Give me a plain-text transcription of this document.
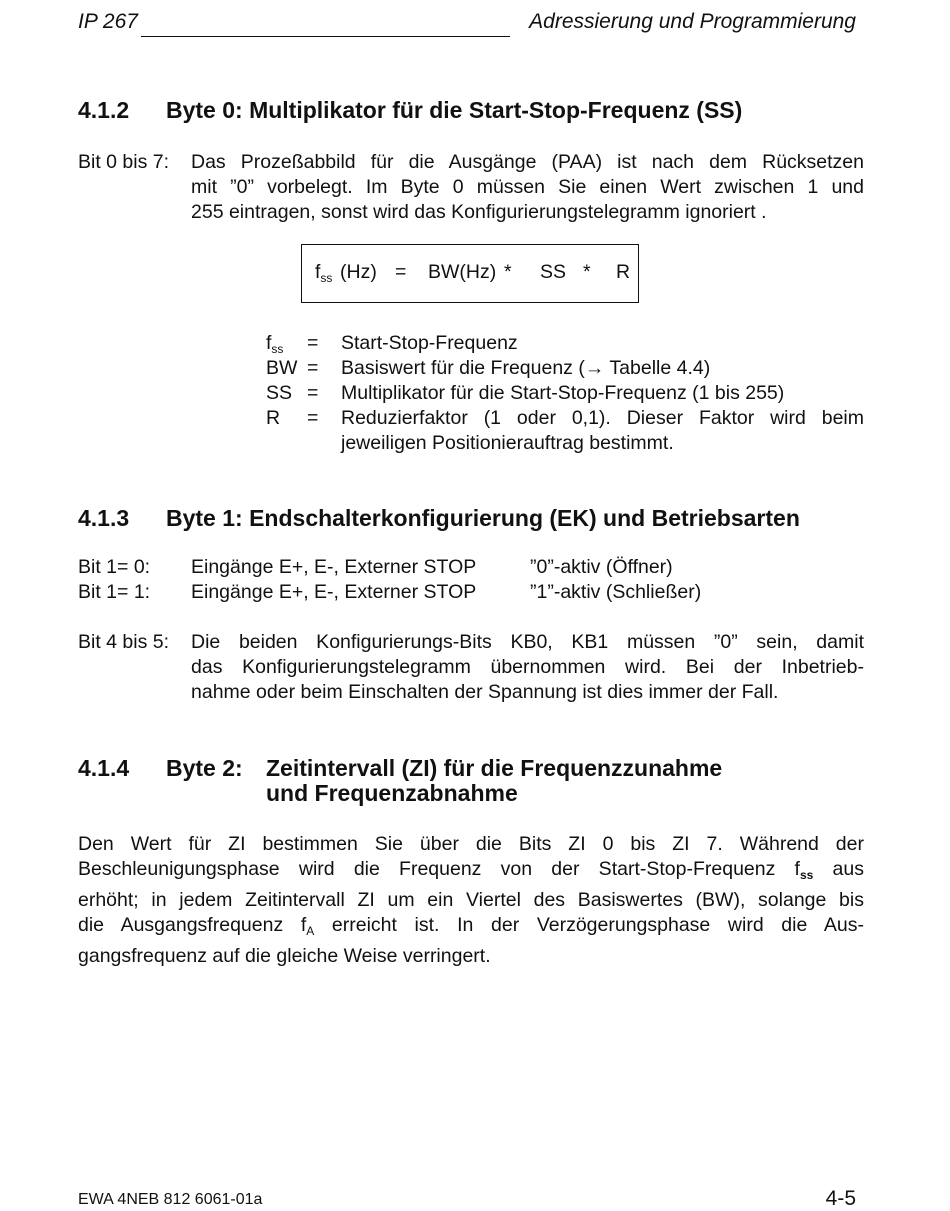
IP 267	Adressierung und Programmierung
4.1.2 Byte 0: Multiplikator für die Start-Stop-Frequenz (SS)
Bit 0 bis 7: Das Prozeßabbild für die Ausgänge (PAA) ist nach dem Rücksetzen
mit ”0” vorbelegt. Im Byte 0 müssen Sie einen Wert zwischen 1 und
255 eintragen, sonst wird das Konfigurierungstelegramm ignoriert .
$f_{ss}$ (Hz) = BW(Hz) * SS * R
$f_{ss}$ = Start-Stop-Frequenz
BW = Basiswert für die Frequenz (→ Tabelle 4.4)
SS = Multiplikator für die Start-Stop-Frequenz (1 bis 255)
R = Reduzierfaktor (1 oder 0,1). Dieser Faktor wird beim
jeweiligen Positionierauftrag bestimmt.
4.1.3 Byte 1: Endschalterkonfigurierung (EK) und Betriebsarten
Bit 1= 0: Eingänge E+, E-, Externer STOP	”0”-aktiv (Öffner)
Bit 1= 1: Eingänge E+, E-, Externer STOP	”1”-aktiv (Schließer)
Bit 4 bis 5: Die beiden Konfigurierungs-Bits KB0, KB1 müssen ”0” sein, damit
das Konfigurierungstelegramm übernommen wird. Bei der Inbetrieb-
nahme oder beim Einschalten der Spannung ist dies immer der Fall.
4.1.4 Byte 2: Zeitintervall (ZI) für die Frequenzzunahme
und Frequenzabnahme
Den Wert für ZI bestimmen Sie über die Bits ZI 0 bis ZI 7. Während der
Beschleunigungsphase wird die Frequenz von der Start-Stop-Frequenz $f_{ss}$ aus
erhöht; in jedem Zeitintervall ZI um ein Viertel des Basiswertes (BW), solange bis
die Ausgangsfrequenz $f_A$ erreicht ist. In der Verzögerungsphase wird die Aus-
gangsfrequenz auf die gleiche Weise verringert.
EWA 4NEB 812 6061-01a	4-5
